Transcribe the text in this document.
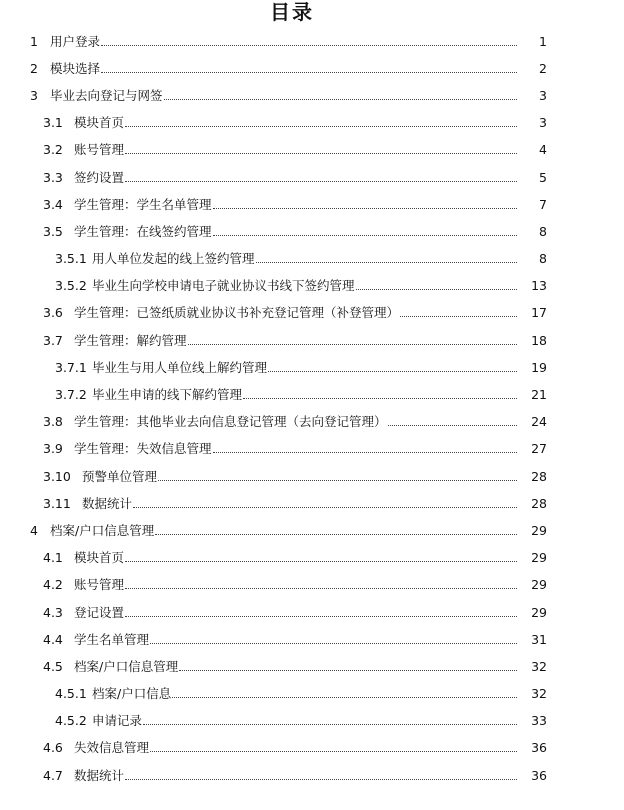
目录
1 用户登录	1
2 模块选择	2
3 毕业去向登记与网签	3
3.1 模块首页	3
3.2 账号管理	4
3.3 签约设置	5
3.4 学生管理：学生名单管理	7
3.5 学生管理：在线签约管理	8
3.5.1 用人单位发起的线上签约管理	8
3.5.2 毕业生向学校申请电子就业协议书线下签约管理	13
3.6 学生管理：已签纸质就业协议书补充登记管理（补登管理）	17
3.7 学生管理：解约管理	18
3.7.1 毕业生与用人单位线上解约管理	19
3.7.2 毕业生申请的线下解约管理	21
3.8 学生管理：其他毕业去向信息登记管理（去向登记管理）	24
3.9 学生管理：失效信息管理	27
3.10 预警单位管理	28
3.11 数据统计	28
4 档案/户口信息管理	29
4.1 模块首页	29
4.2 账号管理	29
4.3 登记设置	29
4.4 学生名单管理	31
4.5 档案/户口信息管理	32
4.5.1 档案/户口信息	32
4.5.2 申请记录	33
4.6 失效信息管理	36
4.7 数据统计	36
